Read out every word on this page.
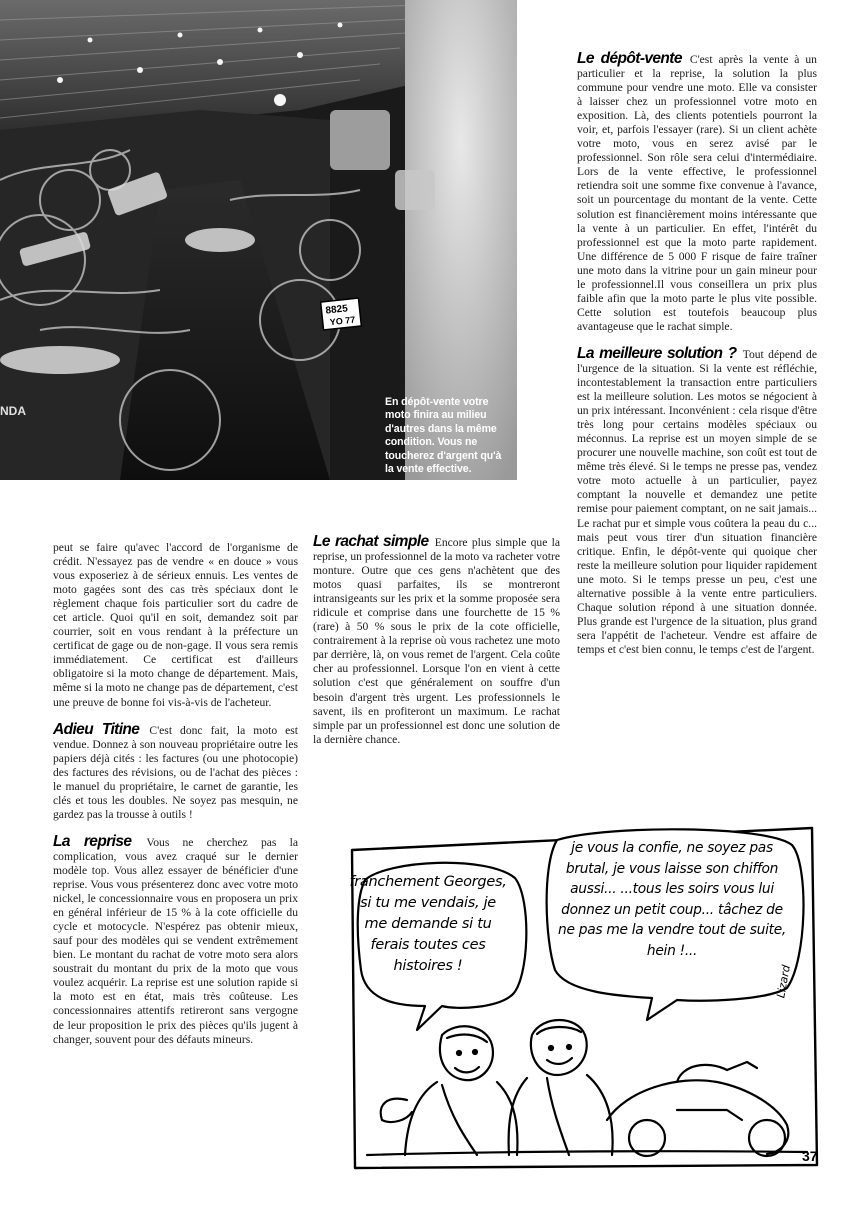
8825
YO 77
NDA
En dépôt-vente votre moto finira au milieu d'autres dans la même condition. Vous ne toucherez d'argent qu'à la vente effective.

peut se faire qu'avec l'accord de l'organisme de crédit. N'essayez pas de vendre « en douce » vous vous exposeriez à de sérieux ennuis. Les ventes de moto gagées sont des cas très spéciaux dont le règlement chaque fois particulier sort du cadre de cet article. Quoi qu'il en soit, demandez soit par courrier, soit en vous rendant à la préfecture un certificat de gage ou de non-gage. Il vous sera remis immédiatement. Ce certificat est d'ailleurs obligatoire si la moto change de département. Mais, même si la moto ne change pas de département, c'est une preuve de bonne foi vis-à-vis de l'acheteur.

Adieu Titine C'est donc fait, la moto est vendue. Donnez à son nouveau propriétaire outre les papiers déjà cités : les factures (ou une photocopie) des factures des révisions, ou de l'achat des pièces : le manuel du propriétaire, le carnet de garantie, les clés et tous les doubles. Ne soyez pas mesquin, ne gardez pas la trousse à outils !

La reprise Vous ne cherchez pas la complication, vous avez craqué sur le dernier modèle top. Vous allez essayer de bénéficier d'une reprise. Vous vous présenterez donc avec votre moto nickel, le concessionnaire vous en proposera un prix en général inférieur de 15 % à la cote officielle du cycle et motocycle. N'espérez pas obtenir mieux, sauf pour des modèles qui se vendent extrêmement bien. Le montant du rachat de votre moto sera alors soustrait du montant du prix de la moto que vous voulez acquérir. La reprise est une solution rapide si la moto est en état, mais très coûteuse. Les concessionnaires attentifs retireront sans vergogne de leur proposition le prix des pièces qu'ils jugent à changer, souvent pour des défauts mineurs.

Le rachat simple Encore plus simple que la reprise, un professionnel de la moto va racheter votre monture. Outre que ces gens n'achètent que des motos quasi parfaites, ils se montreront intransigeants sur les prix et la somme proposée sera ridicule et comprise dans une fourchette de 15 % (rare) à 50 % sous le prix de la cote officielle, contrairement à la reprise où vous rachetez une moto par derrière, là, on vous remet de l'argent. Cela coûte cher au professionnel. Lorsque l'on en vient à cette solution c'est que généralement on souffre d'un besoin d'argent très urgent. Les professionnels le savent, ils en profiteront un maximum. Le rachat simple par un professionnel est donc une solution de la dernière chance.

Le dépôt-vente C'est après la vente à un particulier et la reprise, la solution la plus commune pour vendre une moto. Elle va consister à laisser chez un professionnel votre moto en exposition. Là, des clients potentiels pourront la voir, et, parfois l'essayer (rare). Si un client achète votre moto, vous en serez avisé par le professionnel. Son rôle sera celui d'intermédiaire. Lors de la vente effective, le professionnel retiendra soit une somme fixe convenue à l'avance, soit un pourcentage du montant de la vente. Cette solution est financièrement moins intéressante que la vente à un particulier. En effet, l'intérêt du professionnel est que la moto parte rapidement. Une différence de 5 000 F risque de faire traîner une moto dans la vitrine pour un gain mineur pour le professionnel.Il vous conseillera un prix plus faible afin que la moto parte le plus vite possible. Cette solution est toutefois beaucoup plus avantageuse que le rachat simple.

La meilleure solution ? Tout dépend de l'urgence de la situation. Si la vente est réfléchie, incontestablement la transaction entre particuliers est la meilleure solution. Les motos se négocient à un prix intéressant. Inconvénient : cela risque d'être très long pour certains modèles spéciaux ou méconnus. La reprise est un moyen simple de se procurer une nouvelle machine, son coût est tout de même très élevé. Si le temps ne presse pas, vendez votre moto actuelle à un particulier, payez comptant la nouvelle et demandez une petite remise pour paiement comptant, on ne sait jamais... Le rachat pur et simple vous coûtera la peau du c... mais peut vous tirer d'un situation financière critique. Enfin, le dépôt-vente qui quoique cher reste la meilleure solution pour liquider rapidement une moto. Si le temps presse un peu, c'est une alternative possible à la vente entre particuliers. Chaque solution répond à une situation donnée. Plus grande est l'urgence de la situation, plus grand sera l'appétit de l'acheteur. Vendre est affaire de temps et c'est bien connu, le temps c'est de l'argent.

franchement Georges, si tu me vendais, je me demande si tu ferais toutes ces histoires !
je vous la confie, ne soyez pas brutal, je vous laisse son chiffon aussi... ...tous les soirs vous lui donnez un petit coup... tâchez de ne pas me la vendre tout de suite, hein !...
Lizard
37
